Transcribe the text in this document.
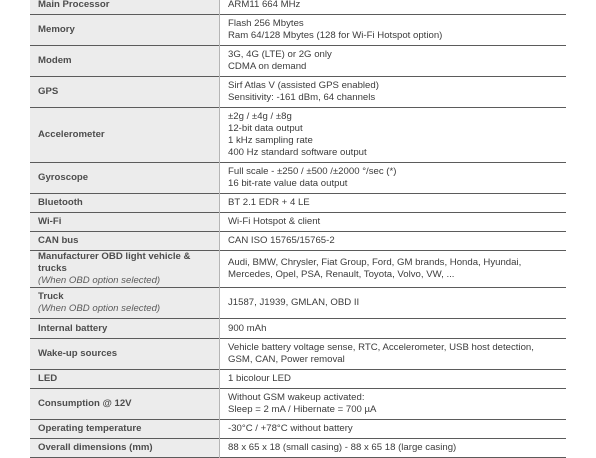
Main Processor	ARM11 664 MHz

Memory	Flash 256 Mbytes
Ram 64/128 Mbytes (128 for Wi-Fi Hotspot option)

Modem	3G, 4G (LTE) or 2G only
CDMA on demand

GPS	Sirf Atlas V (assisted GPS enabled)
Sensitivity: -161 dBm, 64 channels

Accelerometer	±2g / ±4g / ±8g
12-bit data output
1 kHz sampling rate
400 Hz standard software output

Gyroscope	Full scale - ±250 / ±500 /±2000 °/sec (*)
16 bit-rate value data output

Bluetooth	BT 2.1 EDR + 4 LE

Wi-Fi	Wi-Fi Hotspot & client

CAN bus	CAN ISO 15765/15765-2

Manufacturer OBD light vehicle & trucks
(When OBD option selected)	Audi, BMW, Chrysler, Fiat Group, Ford, GM brands, Honda, Hyundai,
Mercedes, Opel, PSA, Renault, Toyota, Volvo, VW, ...

Truck
(When OBD option selected)	J1587, J1939, GMLAN, OBD II

Internal battery	900 mAh

Wake-up sources	Vehicle battery voltage sense, RTC, Accelerometer, USB host detection,
GSM, CAN, Power removal

LED	1 bicolour LED

Consumption @ 12V	Without GSM wakeup activated:
Sleep = 2 mA / Hibernate = 700 µA

Operating temperature	-30°C / +78°C without battery

Overall dimensions (mm)	88 x 65 x 18 (small casing) - 88 x 65 18 (large casing)
